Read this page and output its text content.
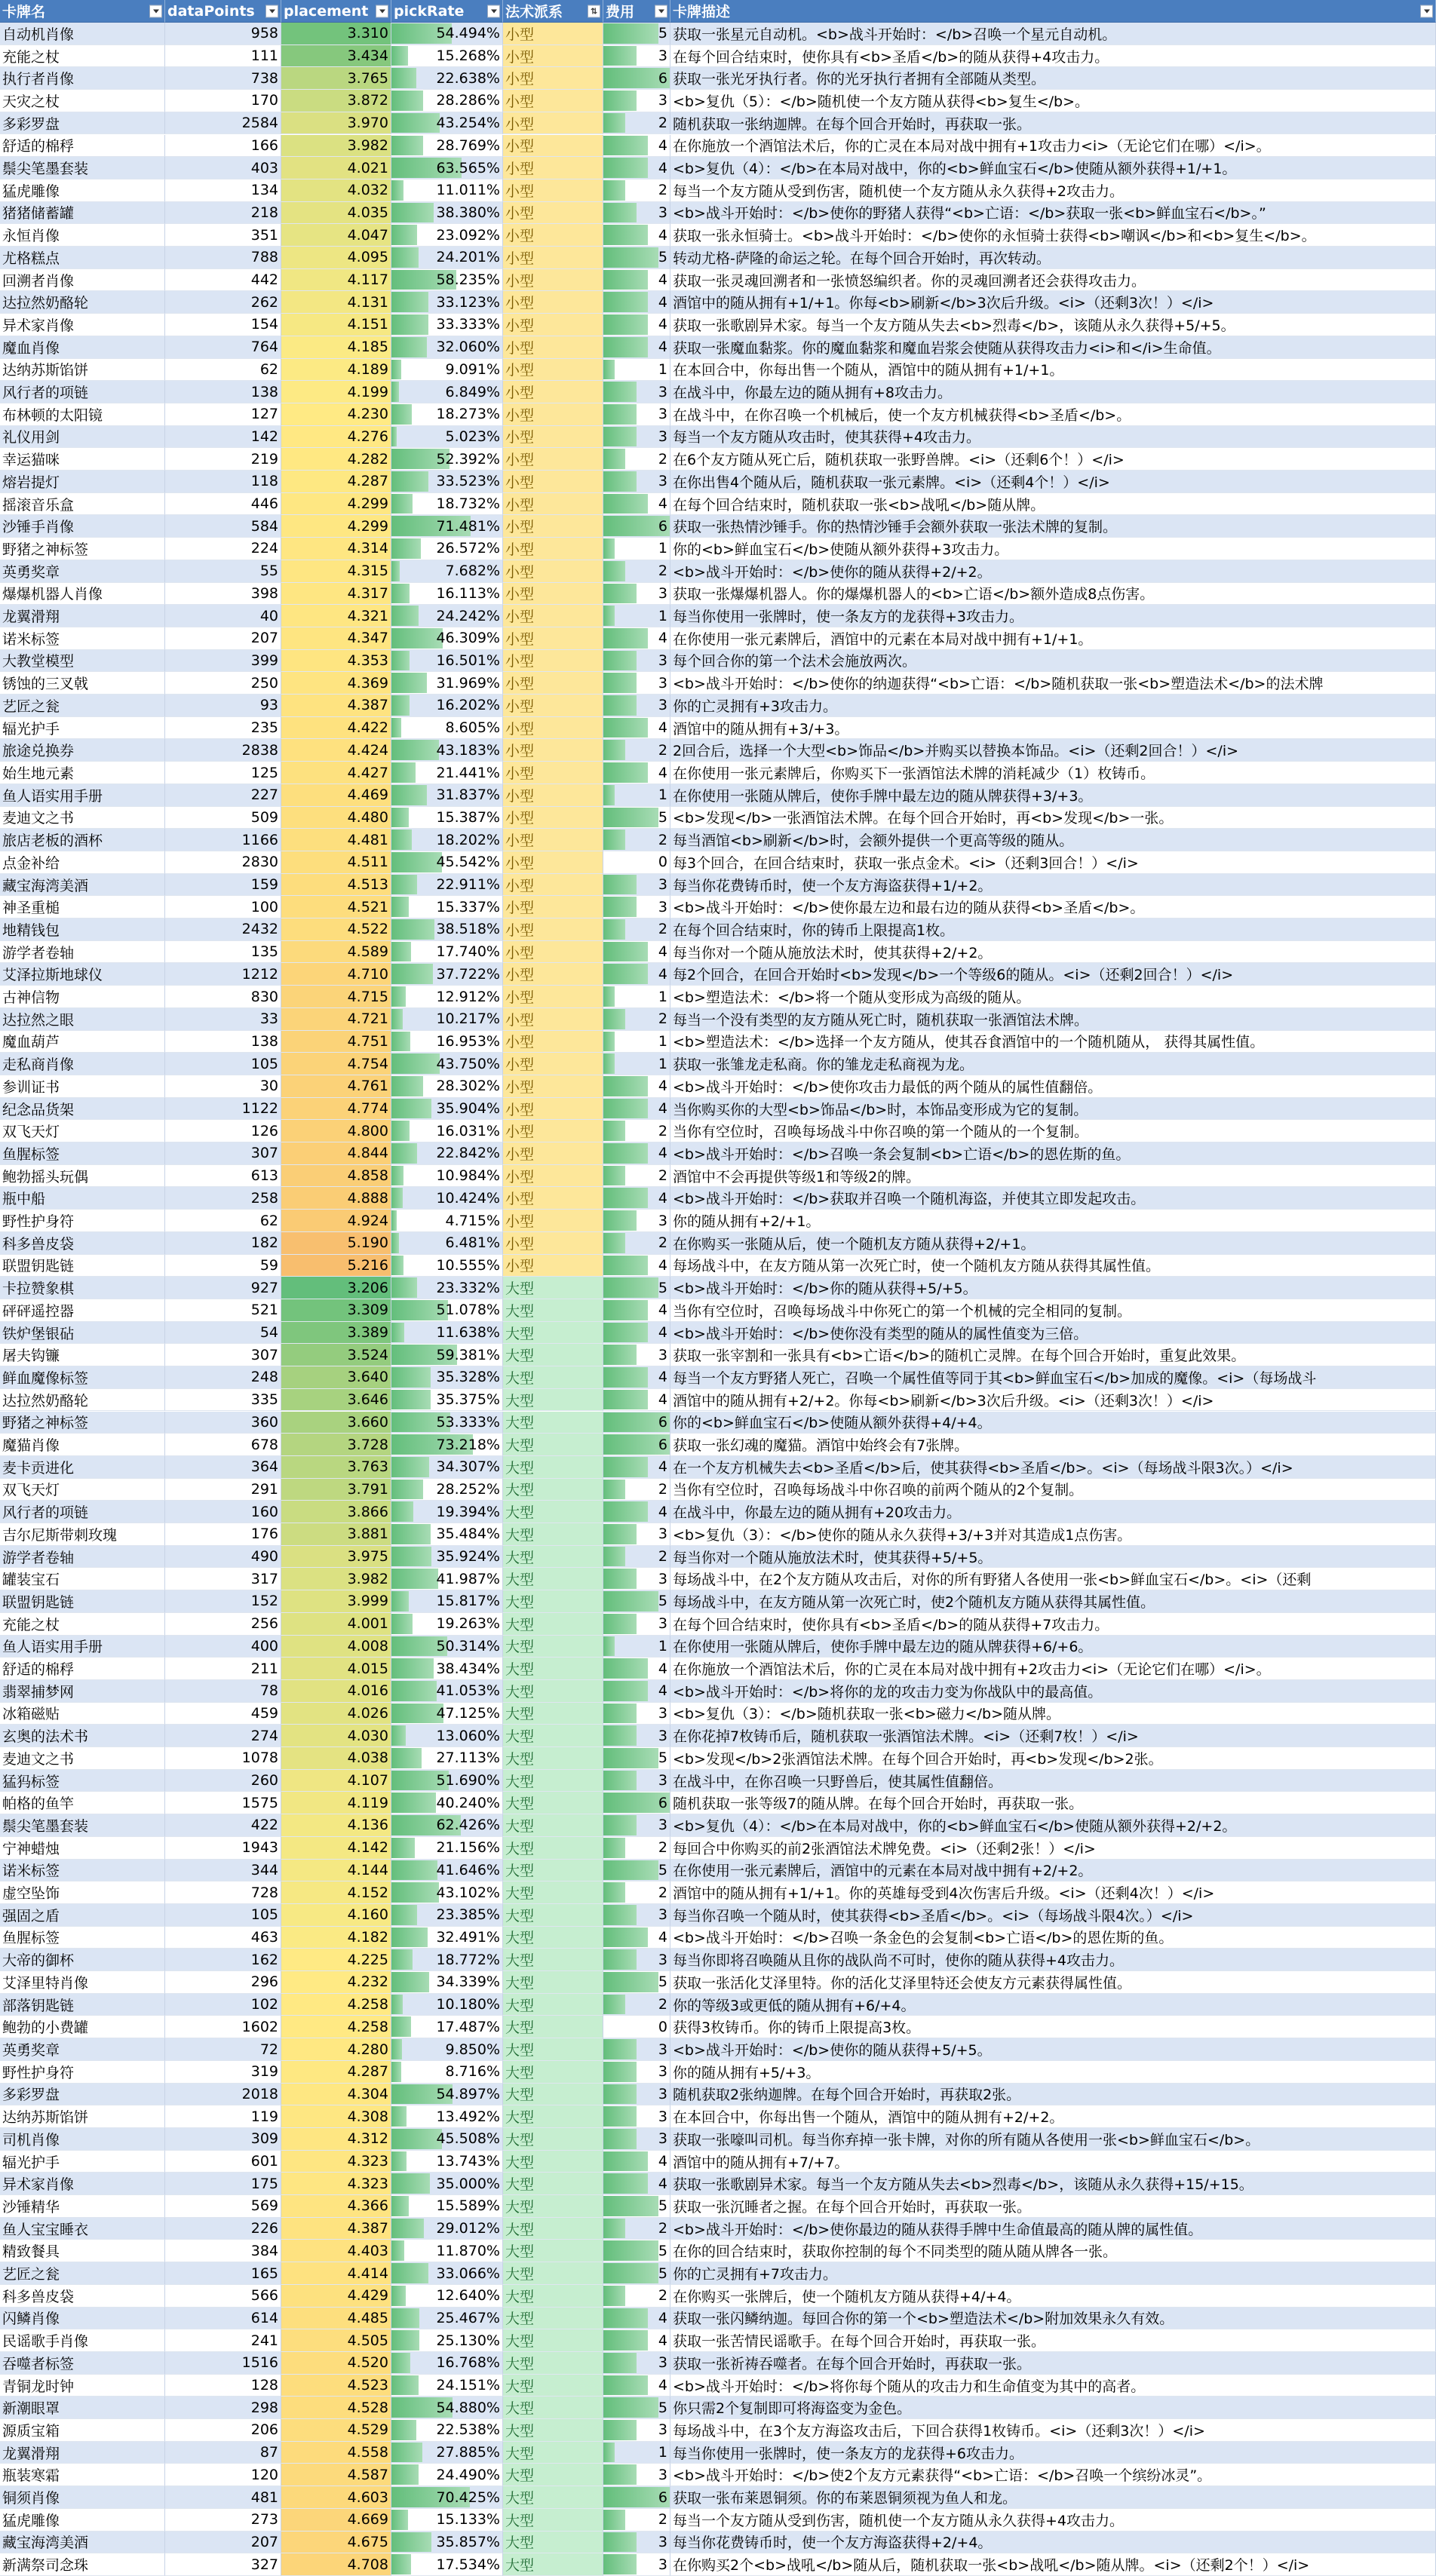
卡牌名	dataPoints placement pickRate	法术派系
⇅	费用	卡牌描述
自动机肖像	958	3.310	54.494% 小型	5 获取一张星元自动机。<b>战斗开始时：</b>召唤一个星元自动机。
充能之杖	111	3.434	15.268% 小型	3 在每个回合结束时，使你具有<b>圣盾</b>的随从获得+4攻击力。
执行者肖像	738	3.765	22.638% 小型	6 获取一张光牙执行者。你的光牙执行者拥有全部随从类型。
天灾之杖	170	3.872	28.286% 小型	3 <b>复仇（5）：</b>随机使一个友方随从获得<b>复生</b>。
多彩罗盘	2584	3.970	43.254% 小型	2 随机获取一张纳迦牌。在每个回合开始时，再获取一张。
舒适的棉稃	166	3.982	28.769% 小型	4 在你施放一个酒馆法术后，你的亡灵在本局对战中拥有+1攻击力<i>（无论它们在哪）</i>。
鬃尖笔墨套装	403	4.021	63.565% 小型	4 <b>复仇（4）：</b>在本局对战中，你的<b>鲜血宝石</b>使随从额外获得+1/+1。
猛虎雕像	134	4.032	11.011% 小型	2 每当一个友方随从受到伤害，随机使一个友方随从永久获得+2攻击力。
猪猪储蓄罐	218	4.035	38.380% 小型	3 <b>战斗开始时：</b>使你的野猪人获得“<b>亡语：</b>获取一张<b>鲜血宝石</b>。”
永恒肖像	351	4.047	23.092% 小型	4 获取一张永恒骑士。<b>战斗开始时：</b>使你的永恒骑士获得<b>嘲讽</b>和<b>复生</b>。
尤格糕点	788	4.095	24.201% 小型	5 转动尤格-萨隆的命运之轮。在每个回合开始时，再次转动。
回溯者肖像	442	4.117	58.235% 小型	4 获取一张灵魂回溯者和一张愤怒编织者。你的灵魂回溯者还会获得攻击力。
达拉然奶酪轮	262	4.131	33.123% 小型	4 酒馆中的随从拥有+1/+1。你每<b>刷新</b>3次后升级。<i>（还剩3次！）</i>
异术家肖像	154	4.151	33.333% 小型	4 获取一张歌剧异术家。每当一个友方随从失去<b>烈毒</b>，该随从永久获得+5/+5。
魔血肖像	764	4.185	32.060% 小型	4 获取一张魔血黏浆。你的魔血黏浆和魔血岩浆会使随从获得攻击力<i>和</i>生命值。
达纳苏斯馅饼	62	4.189	9.091% 小型	1 在本回合中，你每出售一个随从，酒馆中的随从拥有+1/+1。
风行者的项链	138	4.199	6.849% 小型	3 在战斗中，你最左边的随从拥有+8攻击力。
布林顿的太阳镜	127	4.230	18.273% 小型	3 在战斗中，在你召唤一个机械后，使一个友方机械获得<b>圣盾</b>。
礼仪用剑	142	4.276	5.023% 小型	3 每当一个友方随从攻击时，使其获得+4攻击力。
幸运猫咪	219	4.282	52.392% 小型	2 在6个友方随从死亡后，随机获取一张野兽牌。<i>（还剩6个！）</i>
熔岩提灯	118	4.287	33.523% 小型	3 在你出售4个随从后，随机获取一张元素牌。<i>（还剩4个！）</i>
摇滚音乐盒	446	4.299	18.732% 小型	4 在每个回合结束时，随机获取一张<b>战吼</b>随从牌。
沙锤手肖像	584	4.299	71.481% 小型	6 获取一张热情沙锤手。你的热情沙锤手会额外获取一张法术牌的复制。
野猪之神标签	224	4.314	26.572% 小型	1 你的<b>鲜血宝石</b>使随从额外获得+3攻击力。
英勇奖章	55	4.315	7.682% 小型	2 <b>战斗开始时：</b>使你的随从获得+2/+2。
爆爆机器人肖像	398	4.317	16.113% 小型	3 获取一张爆爆机器人。你的爆爆机器人的<b>亡语</b>额外造成8点伤害。
龙翼滑翔	40	4.321	24.242% 小型	1 每当你使用一张牌时，使一条友方的龙获得+3攻击力。
诺米标签	207	4.347	46.309% 小型	4 在你使用一张元素牌后，酒馆中的元素在本局对战中拥有+1/+1。
大教堂模型	399	4.353	16.501% 小型	3 每个回合你的第一个法术会施放两次。
锈蚀的三叉戟	250	4.369	31.969% 小型	3 <b>战斗开始时：</b>使你的纳迦获得“<b>亡语：</b>随机获取一张<b>塑造法术</b>的法术牌
艺匠之瓮	93	4.387	16.202% 小型	3 你的亡灵拥有+3攻击力。
辐光护手	235	4.422	8.605% 小型	4 酒馆中的随从拥有+3/+3。
旅途兑换券	2838	4.424	43.183% 小型	2 2回合后，选择一个大型<b>饰品</b>并购买以替换本饰品。<i>（还剩2回合！）</i>
始生地元素	125	4.427	21.441% 小型	4 在你使用一张元素牌后，你购买下一张酒馆法术牌的消耗减少（1）枚铸币。
鱼人语实用手册	227	4.469	31.837% 小型	1 在你使用一张随从牌后，使你手牌中最左边的随从牌获得+3/+3。
麦迪文之书	509	4.480	15.387% 小型	5 <b>发现</b>一张酒馆法术牌。在每个回合开始时，再<b>发现</b>一张。
旅店老板的酒杯	1166	4.481	18.202% 小型	2 每当酒馆<b>刷新</b>时，会额外提供一个更高等级的随从。
点金补给	2830	4.511	45.542% 小型	0 每3个回合，在回合结束时，获取一张点金术。<i>（还剩3回合！）</i>
藏宝海湾美酒	159	4.513	22.911% 小型	3 每当你花费铸币时，使一个友方海盗获得+1/+2。
神圣重槌	100	4.521	15.337% 小型	3 <b>战斗开始时：</b>使你最左边和最右边的随从获得<b>圣盾</b>。
地精钱包	2432	4.522	38.518% 小型	2 在每个回合结束时，你的铸币上限提高1枚。
游学者卷轴	135	4.589	17.740% 小型	4 每当你对一个随从施放法术时，使其获得+2/+2。
艾泽拉斯地球仪	1212	4.710	37.722% 小型	4 每2个回合，在回合开始时<b>发现</b>一个等级6的随从。<i>（还剩2回合！）</i>
古神信物	830	4.715	12.912% 小型	1 <b>塑造法术：</b>将一个随从变形成为高级的随从。
达拉然之眼	33	4.721	10.217% 小型	2 每当一个没有类型的友方随从死亡时，随机获取一张酒馆法术牌。
魔血葫芦	138	4.751	16.953% 小型	1 <b>塑造法术：</b>选择一个友方随从，使其吞食酒馆中的一个随机随从， 获得其属性值。
走私商肖像	105	4.754	43.750% 小型	1 获取一张雏龙走私商。你的雏龙走私商视为龙。
参训证书	30	4.761	28.302% 小型	4 <b>战斗开始时：</b>使你攻击力最低的两个随从的属性值翻倍。
纪念品货架	1122	4.774	35.904% 小型	4 当你购买你的大型<b>饰品</b>时，本饰品变形成为它的复制。
双飞天灯	126	4.800	16.031% 小型	2 当你有空位时，召唤每场战斗中你召唤的第一个随从的一个复制。
鱼腥标签	307	4.844	22.842% 小型	4 <b>战斗开始时：</b>召唤一条会复制<b>亡语</b>的恩佐斯的鱼。
鲍勃摇头玩偶	613	4.858	10.984% 小型	2 酒馆中不会再提供等级1和等级2的牌。
瓶中船	258	4.888	10.424% 小型	4 <b>战斗开始时：</b>获取并召唤一个随机海盗，并使其立即发起攻击。
野性护身符	62	4.924	4.715% 小型	3 你的随从拥有+2/+1。
科多兽皮袋	182	5.190	6.481% 小型	2 在你购买一张随从后，使一个随机友方随从获得+2/+1。
联盟钥匙链	59	5.216	10.555% 小型	4 每场战斗中，在友方随从第一次死亡时，使一个随机友方随从获得其属性值。
卡拉赞象棋	927	3.206	23.332% 大型	5 <b>战斗开始时：</b>你的随从获得+5/+5。
砰砰遥控器	521	3.309	51.078% 大型	4 当你有空位时，召唤每场战斗中你死亡的第一个机械的完全相同的复制。
铁炉堡银砧	54	3.389	11.638% 大型	4 <b>战斗开始时：</b>使你没有类型的随从的属性值变为三倍。
屠夫钩镰	307	3.524	59.381% 大型	3 获取一张宰割和一张具有<b>亡语</b>的随机亡灵牌。在每个回合开始时，重复此效果。
鲜血魔像标签	248	3.640	35.328% 大型	4 每当一个友方野猪人死亡，召唤一个属性值等同于其<b>鲜血宝石</b>加成的魔像。<i>（每场战斗
达拉然奶酪轮	335	3.646	35.375% 大型	4 酒馆中的随从拥有+2/+2。你每<b>刷新</b>3次后升级。<i>（还剩3次！）</i>
野猪之神标签	360	3.660	53.333% 大型	6 你的<b>鲜血宝石</b>使随从额外获得+4/+4。
魔猫肖像	678	3.728	73.218% 大型	6 获取一张幻魂的魔猫。酒馆中始终会有7张牌。
麦卡贡进化	364	3.763	34.307% 大型	4 在一个友方机械失去<b>圣盾</b>后，使其获得<b>圣盾</b>。<i>（每场战斗限3次。）</i>
双飞天灯	291	3.791	28.252% 大型	2 当你有空位时，召唤每场战斗中你召唤的前两个随从的2个复制。
风行者的项链	160	3.866	19.394% 大型	4 在战斗中，你最左边的随从拥有+20攻击力。
吉尔尼斯带刺玫瑰	176	3.881	35.484% 大型	3 <b>复仇（3）：</b>使你的随从永久获得+3/+3并对其造成1点伤害。
游学者卷轴	490	3.975	35.924% 大型	2 每当你对一个随从施放法术时，使其获得+5/+5。
罐装宝石	317	3.982	41.987% 大型	3 每场战斗中，在2个友方随从攻击后，对你的所有野猪人各使用一张<b>鲜血宝石</b>。<i>（还剩
联盟钥匙链	152	3.999	15.817% 大型	5 每场战斗中，在友方随从第一次死亡时，使2个随机友方随从获得其属性值。
充能之杖	256	4.001	19.263% 大型	3 在每个回合结束时，使你具有<b>圣盾</b>的随从获得+7攻击力。
鱼人语实用手册	400	4.008	50.314% 大型	1 在你使用一张随从牌后，使你手牌中最左边的随从牌获得+6/+6。
舒适的棉稃	211	4.015	38.434% 大型	4 在你施放一个酒馆法术后，你的亡灵在本局对战中拥有+2攻击力<i>（无论它们在哪）</i>。
翡翠捕梦网	78	4.016	41.053% 大型	4 <b>战斗开始时：</b>将你的龙的攻击力变为你战队中的最高值。
冰箱磁贴	459	4.026	47.125% 大型	3 <b>复仇（3）：</b>随机获取一张<b>磁力</b>随从牌。
玄奥的法术书	274	4.030	13.060% 大型	3 在你花掉7枚铸币后，随机获取一张酒馆法术牌。<i>（还剩7枚！）</i>
麦迪文之书	1078	4.038	27.113% 大型	5 <b>发现</b>2张酒馆法术牌。在每个回合开始时，再<b>发现</b>2张。
猛犸标签	260	4.107	51.690% 大型	3 在战斗中，在你召唤一只野兽后，使其属性值翻倍。
帕格的鱼竿	1575	4.119	40.240% 大型	6 随机获取一张等级7的随从牌。在每个回合开始时，再获取一张。
鬃尖笔墨套装	422	4.136	62.426% 大型	3 <b>复仇（4）：</b>在本局对战中，你的<b>鲜血宝石</b>使随从额外获得+2/+2。
宁神蜡烛	1943	4.142	21.156% 大型	2 每回合中你购买的前2张酒馆法术牌免费。<i>（还剩2张！）</i>
诺米标签	344	4.144	41.646% 大型	5 在你使用一张元素牌后，酒馆中的元素在本局对战中拥有+2/+2。
虚空坠饰	728	4.152	43.102% 大型	2 酒馆中的随从拥有+1/+1。你的英雄每受到4次伤害后升级。<i>（还剩4次！）</i>
强固之盾	105	4.160	23.385% 大型	3 每当你召唤一个随从时，使其获得<b>圣盾</b>。<i>（每场战斗限4次。）</i>
鱼腥标签	463	4.182	32.491% 大型	4 <b>战斗开始时：</b>召唤一条金色的会复制<b>亡语</b>的恩佐斯的鱼。
大帝的御杯	162	4.225	18.772% 大型	3 每当你即将召唤随从且你的战队尚不可时，使你的随从获得+4攻击力。
艾泽里特肖像	296	4.232	34.339% 大型	5 获取一张活化艾泽里特。你的活化艾泽里特还会使友方元素获得属性值。
部落钥匙链	102	4.258	10.180% 大型	2 你的等级3或更低的随从拥有+6/+4。
鲍勃的小费罐	1602	4.258	17.487% 大型	0 获得3枚铸币。你的铸币上限提高3枚。
英勇奖章	72	4.280	9.850% 大型	3 <b>战斗开始时：</b>使你的随从获得+5/+5。
野性护身符	319	4.287	8.716% 大型	3 你的随从拥有+5/+3。
多彩罗盘	2018	4.304	54.897% 大型	3 随机获取2张纳迦牌。在每个回合开始时，再获取2张。
达纳苏斯馅饼	119	4.308	13.492% 大型	3 在本回合中，你每出售一个随从，酒馆中的随从拥有+2/+2。
司机肖像	309	4.312	45.508% 大型	3 获取一张嚎叫司机。每当你弃掉一张卡牌，对你的所有随从各使用一张<b>鲜血宝石</b>。
辐光护手	601	4.323	13.743% 大型	4 酒馆中的随从拥有+7/+7。
异术家肖像	175	4.323	35.000% 大型	4 获取一张歌剧异术家。每当一个友方随从失去<b>烈毒</b>，该随从永久获得+15/+15。
沙锤精华	569	4.366	15.589% 大型	5 获取一张沉睡者之握。在每个回合开始时，再获取一张。
鱼人宝宝睡衣	226	4.387	29.012% 大型	2 <b>战斗开始时：</b>使你最边的随从获得手牌中生命值最高的随从牌的属性值。
精致餐具	384	4.403	11.870% 大型	5 在你的回合结束时，获取你控制的每个不同类型的随从随从牌各一张。
艺匠之瓮	165	4.414	33.066% 大型	5 你的亡灵拥有+7攻击力。
科多兽皮袋	566	4.429	12.640% 大型	2 在你购买一张牌后，使一个随机友方随从获得+4/+4。
闪鳞肖像	614	4.485	25.467% 大型	4 获取一张闪鳞纳迦。每回合你的第一个<b>塑造法术</b>附加效果永久有效。
民谣歌手肖像	241	4.505	25.130% 大型	4 获取一张苦情民谣歌手。在每个回合开始时，再获取一张。
吞噬者标签	1516	4.520	16.768% 大型	3 获取一张祈祷吞噬者。在每个回合开始时，再获取一张。
青铜龙时钟	128	4.523	24.151% 大型	4 <b>战斗开始时：</b>将你每个随从的攻击力和生命值变为其中的高者。
新潮眼罩	298	4.528	54.880% 大型	5 你只需2个复制即可将海盗变为金色。
源质宝箱	206	4.529	22.538% 大型	3 每场战斗中，在3个友方海盗攻击后，下回合获得1枚铸币。<i>（还剩3次！）</i>
龙翼滑翔	87	4.558	27.885% 大型	1 每当你使用一张牌时，使一条友方的龙获得+6攻击力。
瓶装寒霜	120	4.587	24.490% 大型	3 <b>战斗开始时：</b>使2个友方元素获得“<b>亡语：</b>召唤一个缤纷冰灵”。
铜须肖像	481	4.603	70.425% 大型	6 获取一张布莱恩铜须。你的布莱恩铜须视为鱼人和龙。
猛虎雕像	273	4.669	15.133% 大型	2 每当一个友方随从受到伤害，随机使一个友方随从永久获得+4攻击力。
藏宝海湾美酒	207	4.675	35.857% 大型	3 每当你花费铸币时，使一个友方海盗获得+2/+4。
新满祭司念珠	327	4.708	17.534% 大型	3 在你购买2个<b>战吼</b>随从后，随机获取一张<b>战吼</b>随从牌。<i>（还剩2个！）</i>
